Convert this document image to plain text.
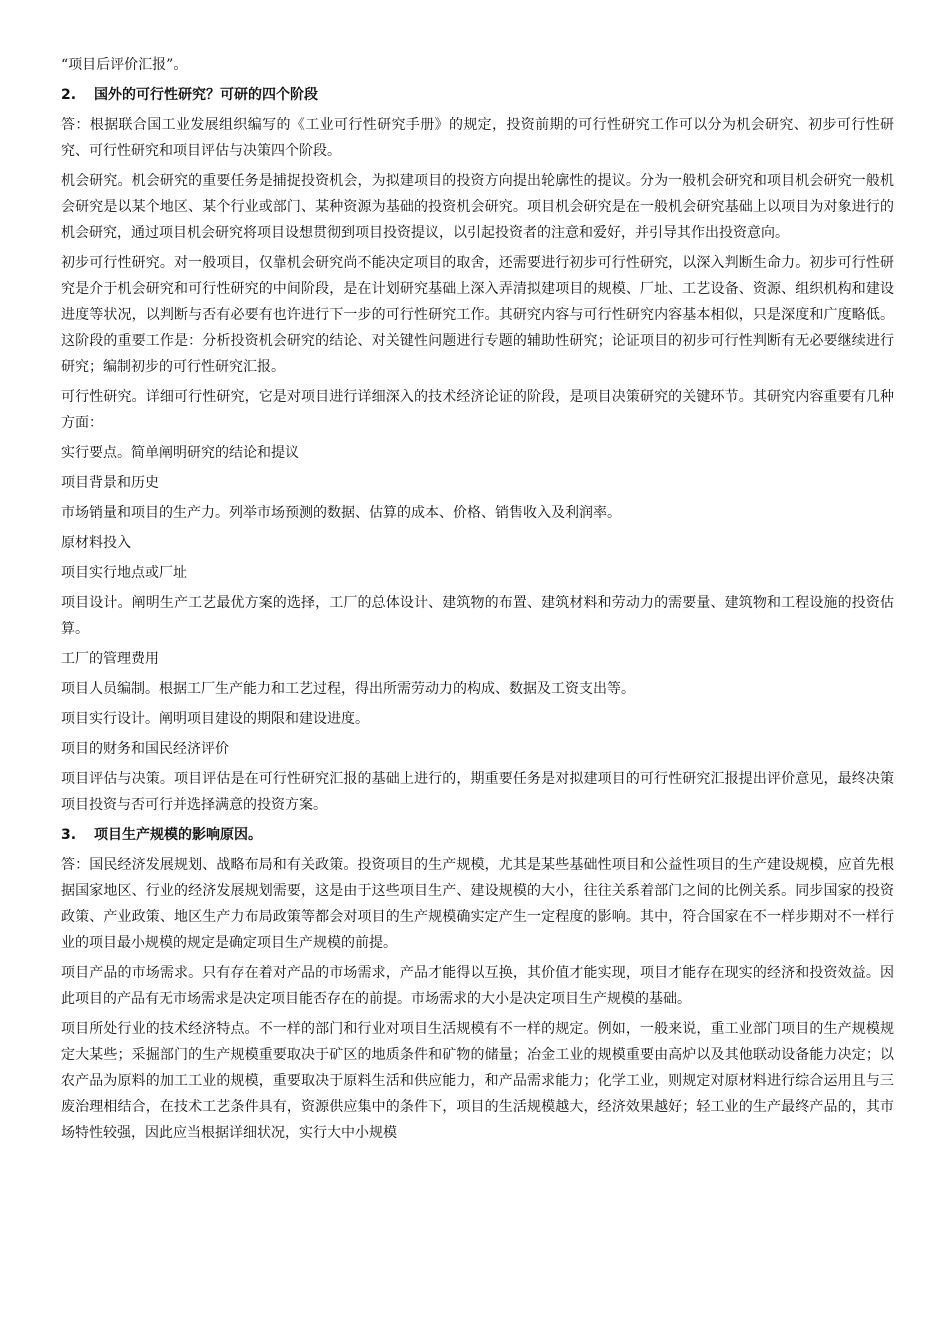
“项目后评价汇报”。

2.	国外的可行性研究？可研的四个阶段

答：根据联合国工业发展组织编写的《工业可行性研究手册》的规定，投资前期的可行性研究工作可以分为机会研究、初步可行性研究、可行性研究和项目评估与决策四个阶段。

机会研究。机会研究的重要任务是捕捉投资机会，为拟建项目的投资方向提出轮廓性的提议。分为一般机会研究和项目机会研究一般机会研究是以某个地区、某个行业或部门、某种资源为基础的投资机会研究。项目机会研究是在一般机会研究基础上以项目为对象进行的机会研究，通过项目机会研究将项目设想贯彻到项目投资提议，以引起投资者的注意和爱好，并引导其作出投资意向。

初步可行性研究。对一般项目，仅靠机会研究尚不能决定项目的取舍，还需要进行初步可行性研究，以深入判断生命力。初步可行性研究是介于机会研究和可行性研究的中间阶段，是在计划研究基础上深入弄清拟建项目的规模、厂址、工艺设备、资源、组织机构和建设进度等状况，以判断与否有必要有也许进行下一步的可行性研究工作。其研究内容与可行性研究内容基本相似，只是深度和广度略低。这阶段的重要工作是：分析投资机会研究的结论、对关键性问题进行专题的辅助性研究；论证项目的初步可行性判断有无必要继续进行研究；编制初步的可行性研究汇报。

可行性研究。详细可行性研究，它是对项目进行详细深入的技术经济论证的阶段，是项目决策研究的关键环节。其研究内容重要有几种方面：

实行要点。简单阐明研究的结论和提议

项目背景和历史

市场销量和项目的生产力。列举市场预测的数据、估算的成本、价格、销售收入及利润率。

原材料投入

项目实行地点或厂址

项目设计。阐明生产工艺最优方案的选择，工厂的总体设计、建筑物的布置、建筑材料和劳动力的需要量、建筑物和工程设施的投资估算。

工厂的管理费用

项目人员编制。根据工厂生产能力和工艺过程，得出所需劳动力的构成、数据及工资支出等。

项目实行设计。阐明项目建设的期限和建设进度。

项目的财务和国民经济评价

项目评估与决策。项目评估是在可行性研究汇报的基础上进行的，期重要任务是对拟建项目的可行性研究汇报提出评价意见，最终决策项目投资与否可行并选择满意的投资方案。

3.	项目生产规模的影响原因。

答：国民经济发展规划、战略布局和有关政策。投资项目的生产规模，尤其是某些基础性项目和公益性项目的生产建设规模，应首先根据国家地区、行业的经济发展规划需要，这是由于这些项目生产、建设规模的大小，往往关系着部门之间的比例关系。同步国家的投资政策、产业政策、地区生产力布局政策等都会对项目的生产规模确实定产生一定程度的影响。其中，符合国家在不一样步期对不一样行业的项目最小规模的规定是确定项目生产规模的前提。

项目产品的市场需求。只有存在着对产品的市场需求，产品才能得以互换，其价值才能实现，项目才能存在现实的经济和投资效益。因此项目的产品有无市场需求是决定项目能否存在的前提。市场需求的大小是决定项目生产规模的基础。

项目所处行业的技术经济特点。不一样的部门和行业对项目生活规模有不一样的规定。例如，一般来说，重工业部门项目的生产规模规定大某些；采掘部门的生产规模重要取决于矿区的地质条件和矿物的储量；冶金工业的规模重要由高炉以及其他联动设备能力决定；以农产品为原料的加工工业的规模，重要取决于原料生活和供应能力，和产品需求能力；化学工业，则规定对原材料进行综合运用且与三废治理相结合，在技术工艺条件具有，资源供应集中的条件下，项目的生活规模越大，经济效果越好；轻工业的生产最终产品的，其市场特性较强，因此应当根据详细状况，实行大中小规模
